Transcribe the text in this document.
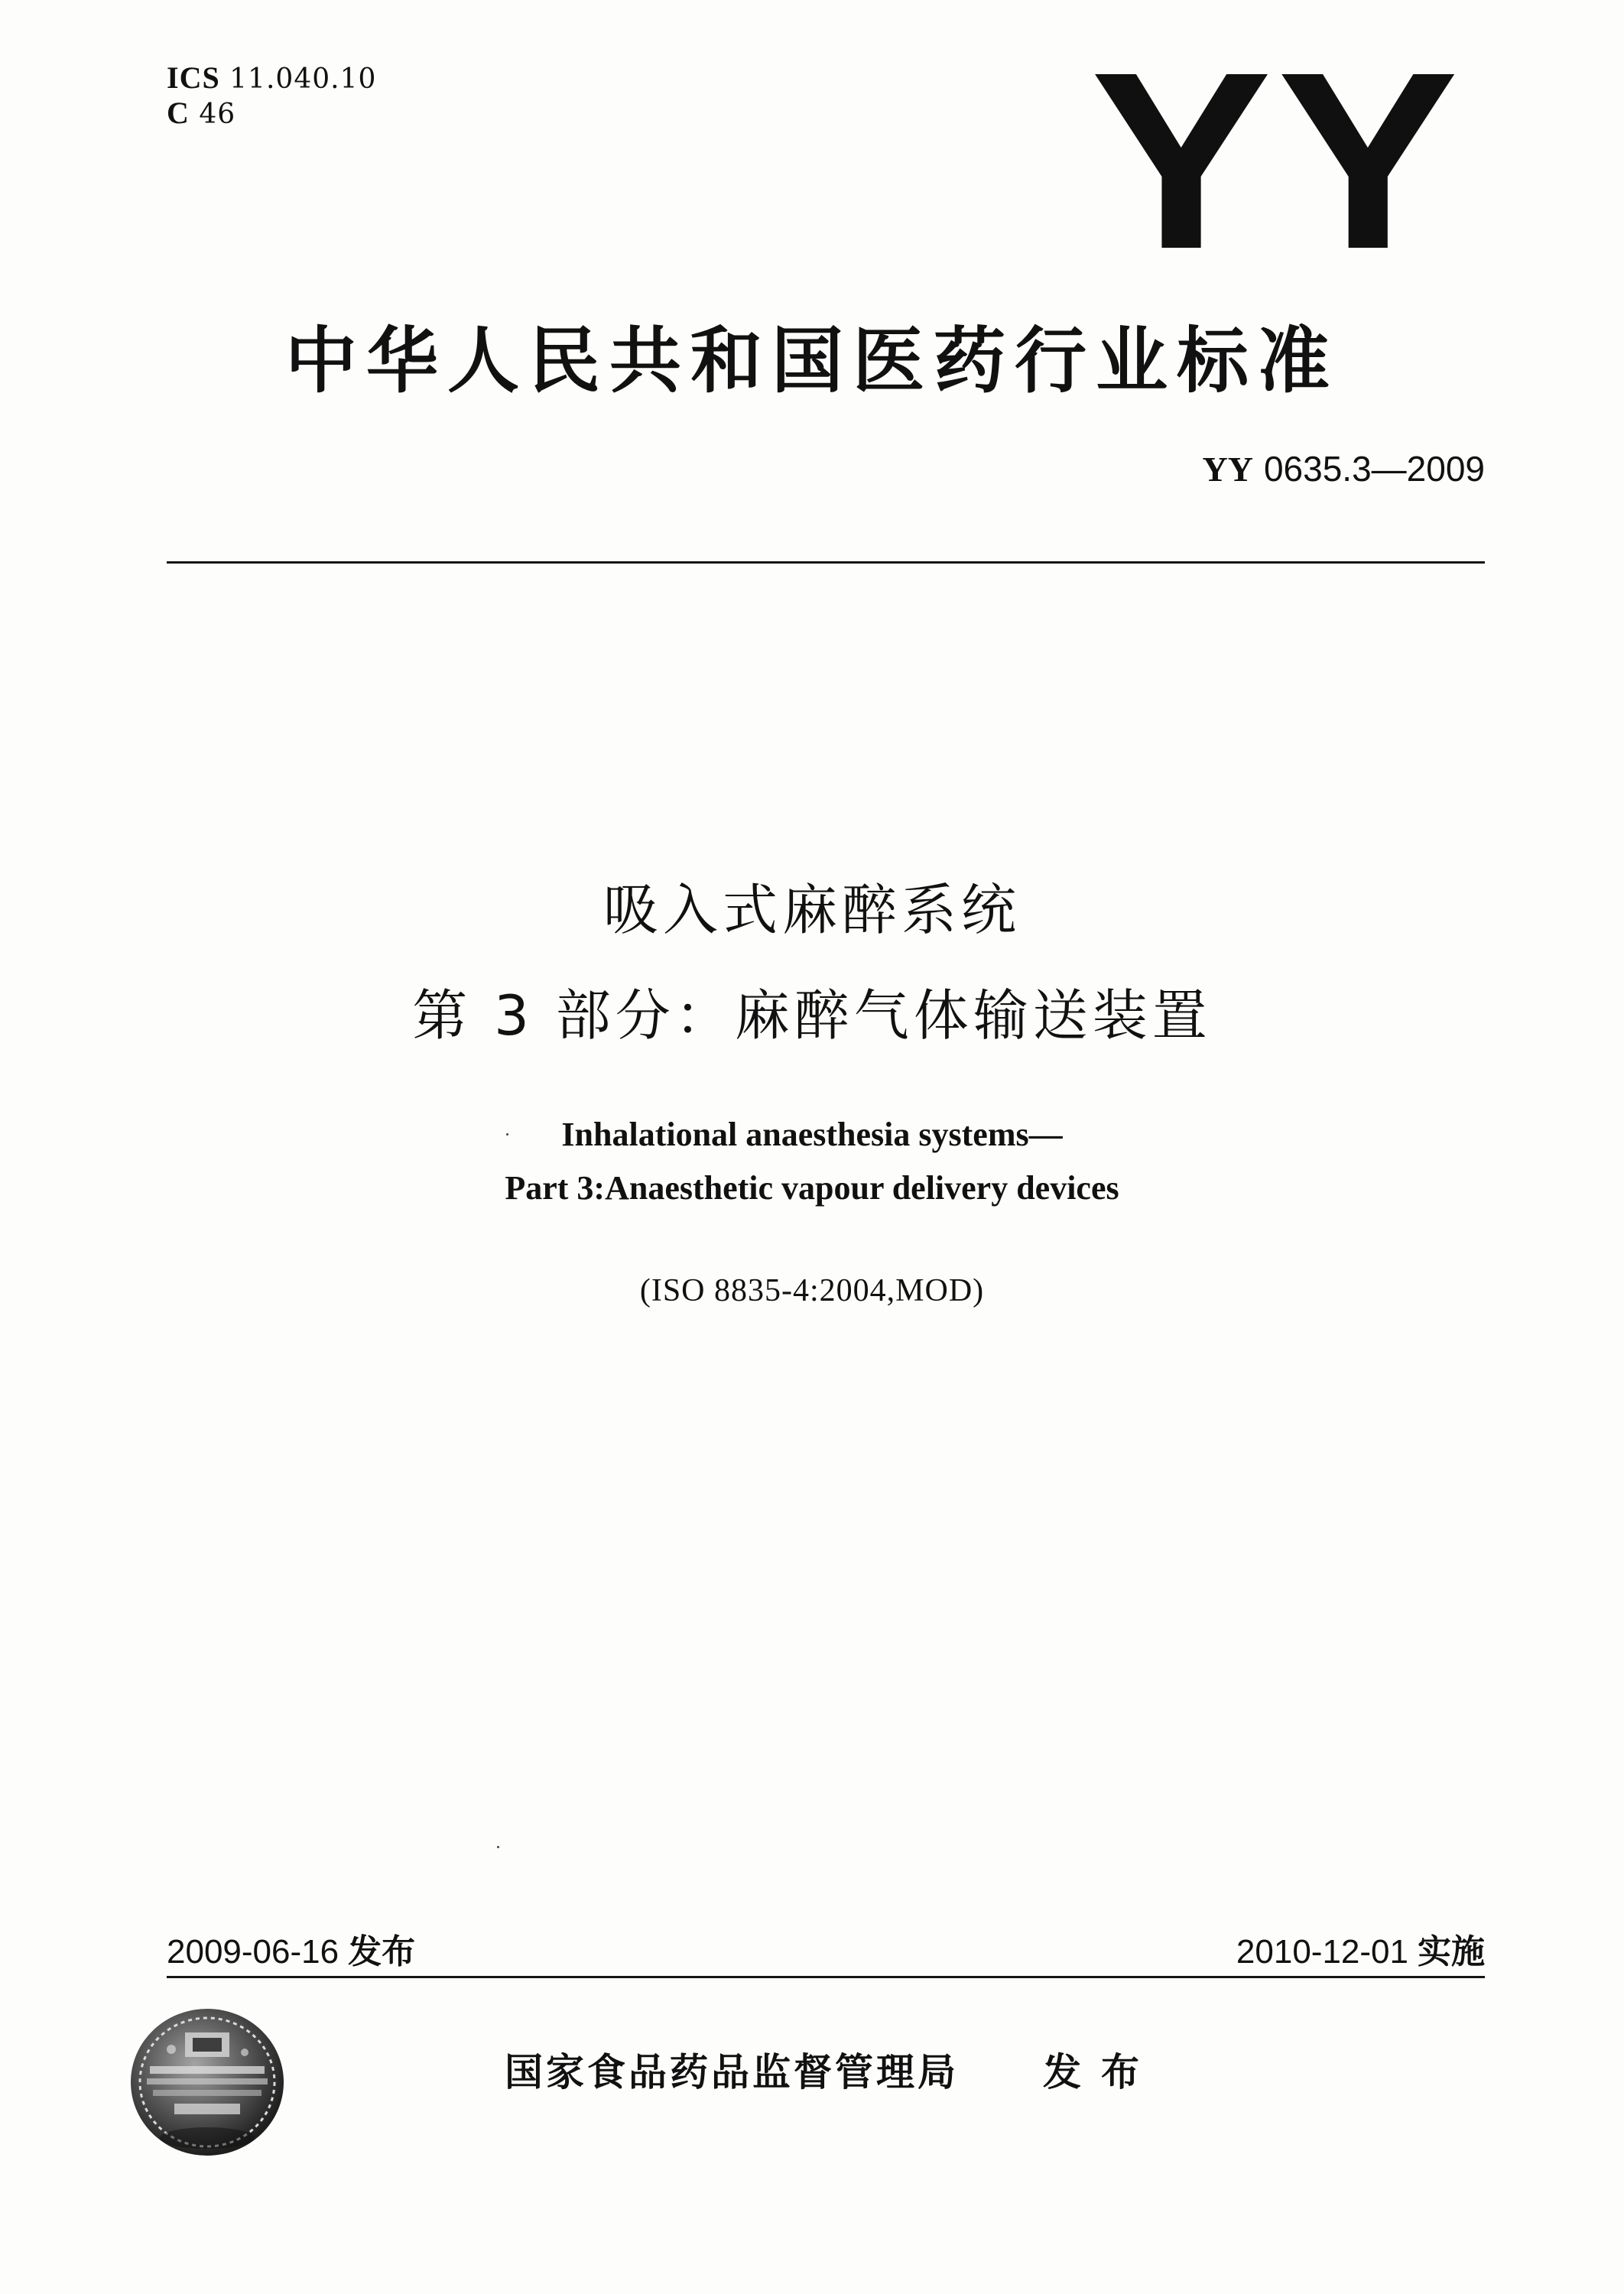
ICS 11.040.10
C 46	YY
中华人民共和国医药行业标准
YY 0635.3—2009
吸入式麻醉系统
第 3 部分：麻醉气体输送装置
Inhalational anaesthesia systems—
Part 3:Anaesthetic vapour delivery devices
(ISO 8835-4:2004,MOD)
2009-06-16 发布	2010-12-01 实施
国家食品药品监督管理局 发布
